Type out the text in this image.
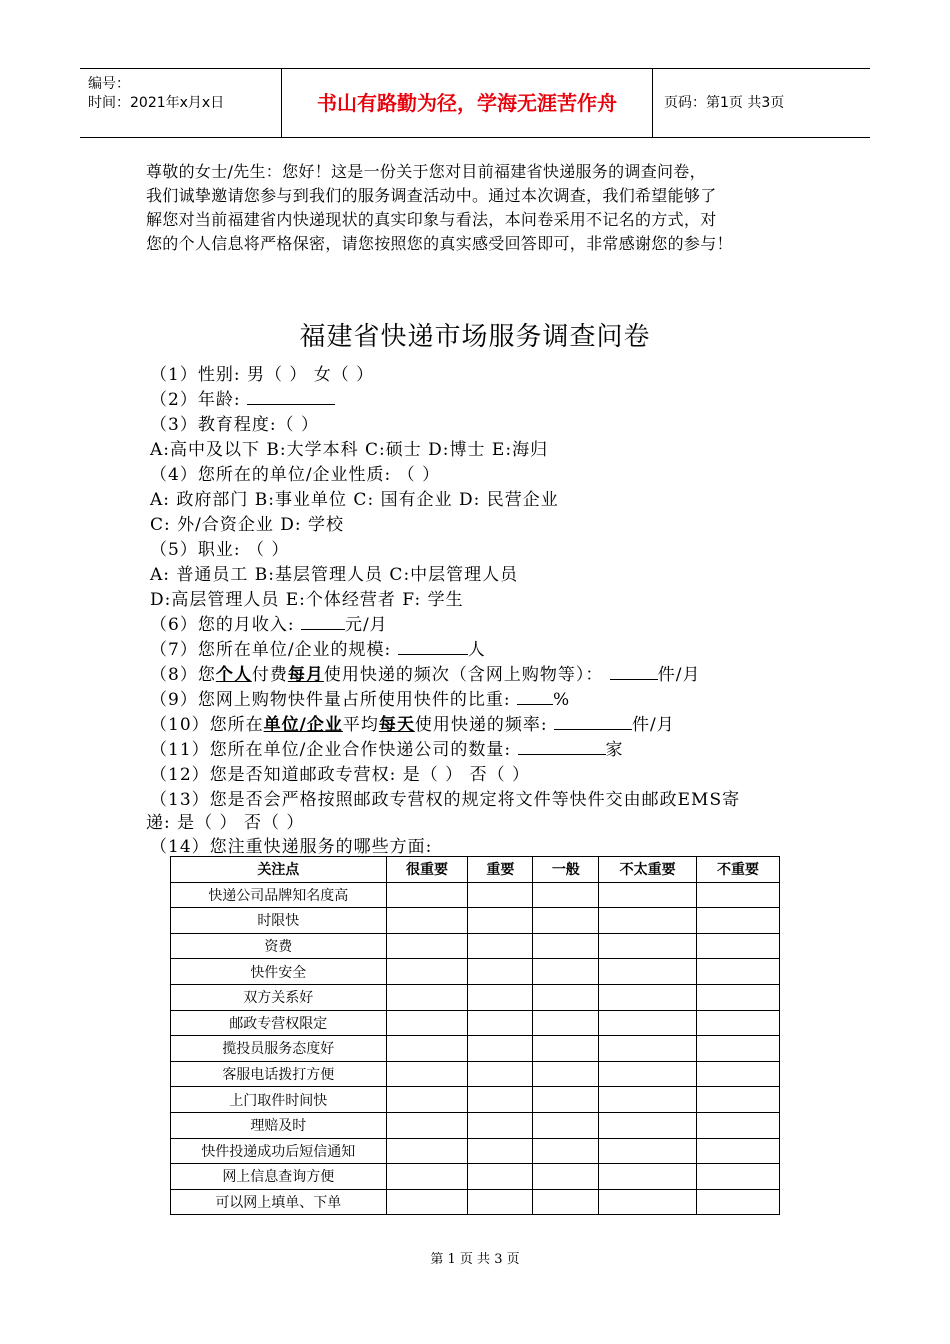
编号：
时间：2021年x月x日	书山有路勤为径，学海无涯苦作舟	页码：第1页 共3页
尊敬的女士/先生：您好！这是一份关于您对目前福建省快递服务的调查问卷，
我们诚挚邀请您参与到我们的服务调查活动中。通过本次调查，我们希望能够了
解您对当前福建省内快递现状的真实印象与看法，本问卷采用不记名的方式，对
您的个人信息将严格保密，请您按照您的真实感受回答即可，非常感谢您的参与！
福建省快递市场服务调查问卷
（1）性别: 男（ ） 女（ ）
（2）年龄:
（3）教育程度:（ ）
A:高中及以下 B:大学本科 C:硕士 D:博士 E:海归
（4）您所在的单位/企业性质: （ ）
A: 政府部门 B:事业单位 C: 国有企业 D: 民营企业
C: 外/合资企业 D: 学校
（5）职业: （ ）
A: 普通员工 B:基层管理人员 C:中层管理人员
D:高层管理人员 E:个体经营者 F: 学生
（6）您的月收入:	元/月
（7）您所在单位/企业的规模:	人
（8）您个人付费每月使用快递的频次（含网上购物等）：	件/月
（9）您网上购物快件量占所使用快件的比重: %
（10）您所在单位/企业平均每天使用快递的频率:	件/月
（11）您所在单位/企业合作快递公司的数量:	家
（12）您是否知道邮政专营权: 是（ ） 否（ ）
（13）您是否会严格按照邮政专营权的规定将文件等快件交由邮政EMS寄
递: 是（ ） 否（ ）
（14）您注重快递服务的哪些方面:
关注点	很重要	重要	一般	不太重要	不重要
快递公司品牌知名度高					
时限快					
资费					
快件安全					
双方关系好					
邮政专营权限定					
揽投员服务态度好					
客服电话拨打方便					
上门取件时间快					
理赔及时					
快件投递成功后短信通知					
网上信息查询方便					
可以网上填单、下单					
第 1 页 共 3 页
